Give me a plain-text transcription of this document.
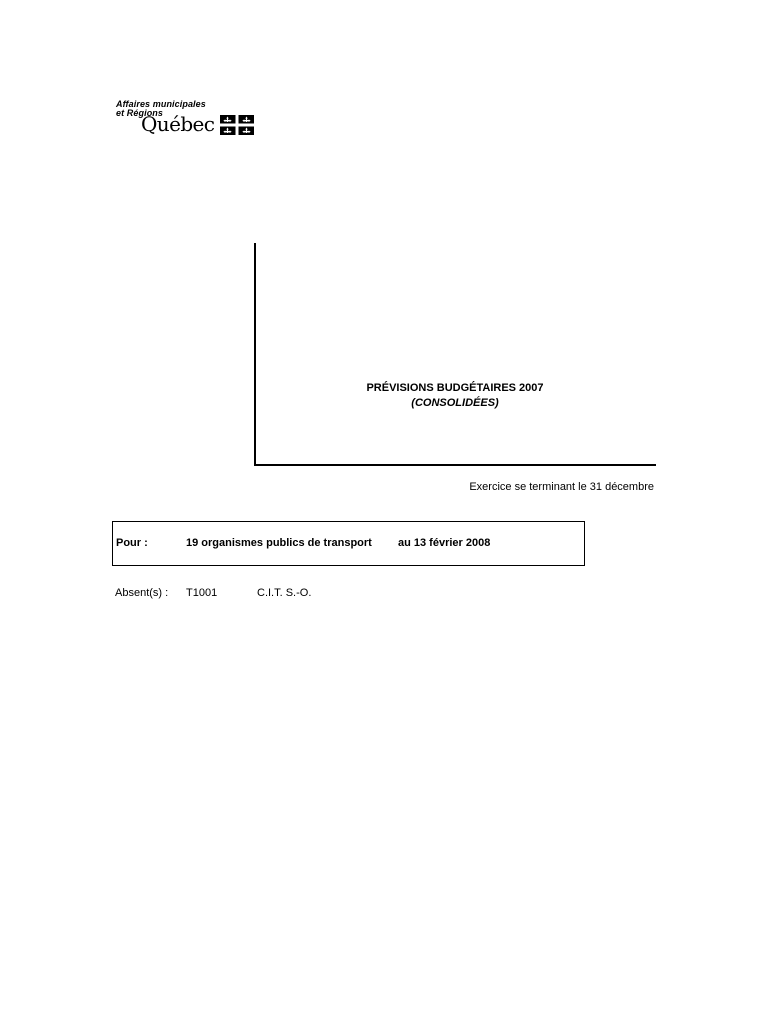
Affaires municipales
et Régions
Québec
PRÉVISIONS BUDGÉTAIRES 2007
(CONSOLIDÉES)
Exercice se terminant le 31 décembre
Pour :	19 organismes publics de transport au 13 février 2008
Absent(s) : T1001	C.I.T. S.-O.
